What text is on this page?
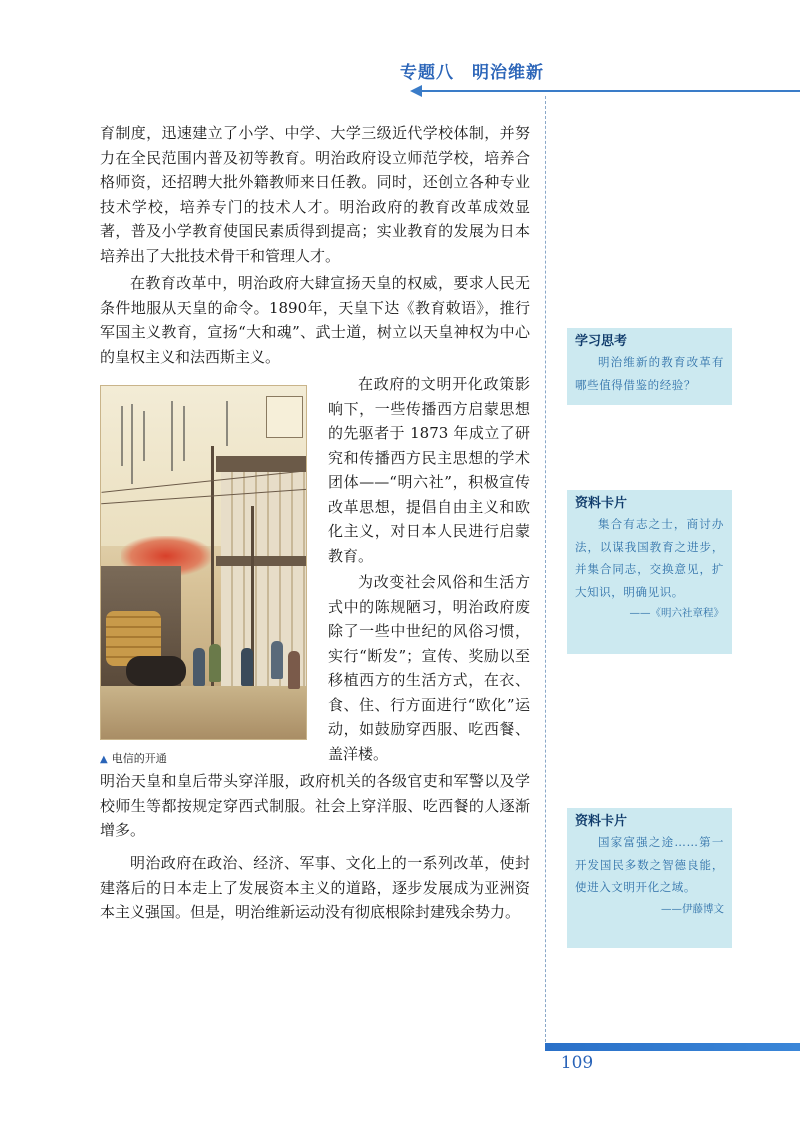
专题八　明治维新

育制度，迅速建立了小学、中学、大学三级近代学校体制，并努力在全民范围内普及初等教育。明治政府设立师范学校，培养合格师资，还招聘大批外籍教师来日任教。同时，还创立各种专业技术学校，培养专门的技术人才。明治政府的教育改革成效显著，普及小学教育使国民素质得到提高；实业教育的发展为日本培养出了大批技术骨干和管理人才。

在教育改革中，明治政府大肆宣扬天皇的权威，要求人民无条件地服从天皇的命令。1890年，天皇下达《教育敕语》，推行军国主义教育，宣扬“大和魂”、武士道，树立以天皇神权为中心的皇权主义和法西斯主义。

在政府的文明开化政策影响下，一些传播西方启蒙思想的先驱者于 1873 年成立了研究和传播西方民主思想的学术团体——“明六社”，积极宣传改革思想，提倡自由主义和欧化主义，对日本人民进行启蒙教育。

为改变社会风俗和生活方式中的陈规陋习，明治政府废除了一些中世纪的风俗习惯，实行“断发”；宣传、奖励以至移植西方的生活方式，在衣、食、住、行方面进行“欧化”运动，如鼓励穿西服、吃西餐、盖洋楼。

明治天皇和皇后带头穿洋服，政府机关的各级官吏和军警以及学校师生等都按规定穿西式制服。社会上穿洋服、吃西餐的人逐渐增多。

明治政府在政治、经济、军事、文化上的一系列改革，使封建落后的日本走上了发展资本主义的道路，逐步发展成为亚洲资本主义强国。但是，明治维新运动没有彻底根除封建残余势力。

▲ 电信的开通
学习思考
明治维新的教育改革有哪些值得借鉴的经验？
资料卡片
集合有志之士，商讨办法，以谋我国教育之进步，并集合同志，交换意见，扩大知识，明确见识。
——《明六社章程》
资料卡片
国家富强之途……第一开发国民多数之智德良能，使进入文明开化之域。
——伊藤博文
109
